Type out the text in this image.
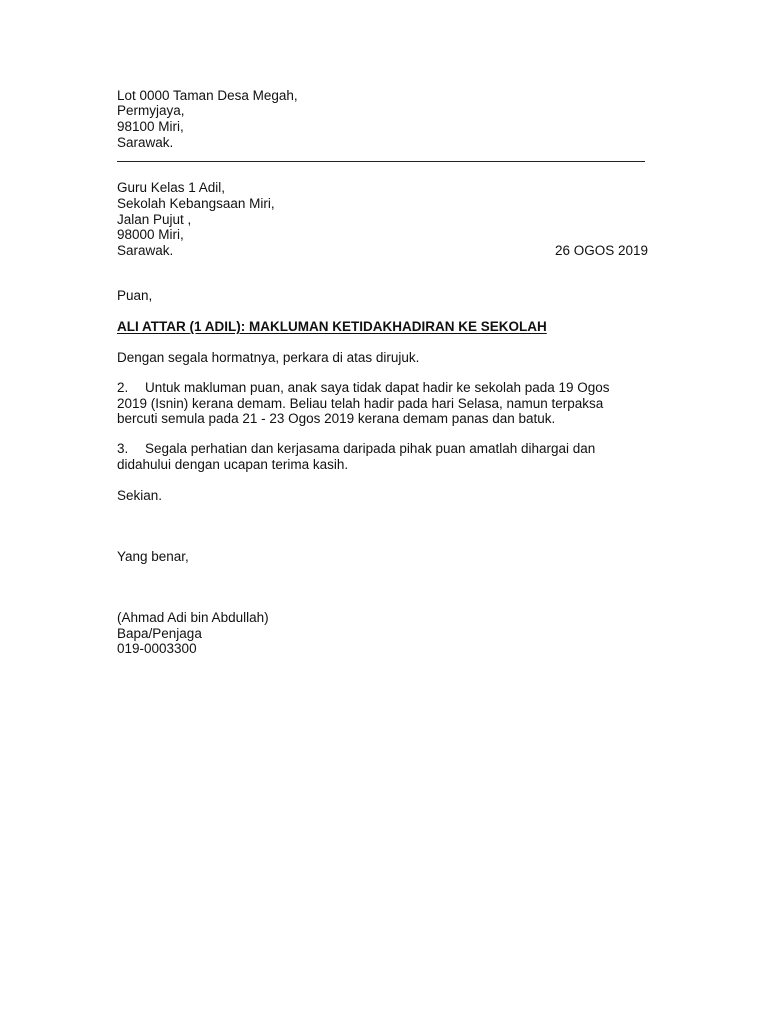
Lot 0000 Taman Desa Megah,
Permyjaya,
98100 Miri,
Sarawak.
Guru Kelas 1 Adil,
Sekolah Kebangsaan Miri,
Jalan Pujut ,
98000 Miri,
Sarawak.	26 OGOS 2019
Puan,
ALI ATTAR (1 ADIL): MAKLUMAN KETIDAKHADIRAN KE SEKOLAH
Dengan segala hormatnya, perkara di atas dirujuk.
2. Untuk makluman puan, anak saya tidak dapat hadir ke sekolah pada 19 Ogos
2019 (Isnin) kerana demam. Beliau telah hadir pada hari Selasa, namun terpaksa
bercuti semula pada 21 - 23 Ogos 2019 kerana demam panas dan batuk.
3. Segala perhatian dan kerjasama daripada pihak puan amatlah dihargai dan
didahului dengan ucapan terima kasih.
Sekian.
Yang benar,
(Ahmad Adi bin Abdullah)
Bapa/Penjaga
019-0003300
